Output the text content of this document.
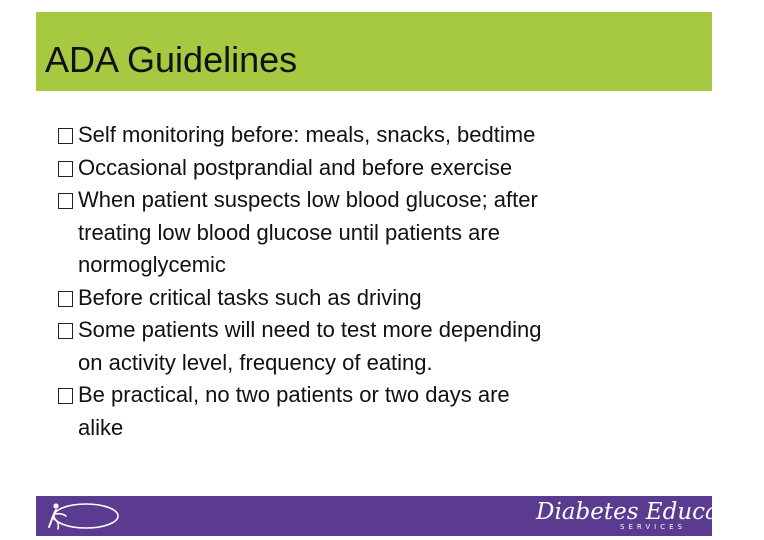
ADA Guidelines
Self monitoring before: meals, snacks, bedtime
Occasional postprandial and before exercise
When patient suspects low blood glucose; after
treating low blood glucose until patients are
normoglycemic
Before critical tasks such as driving
Some patients will need to test more depending
on activity level, frequency of eating.
Be practical, no two patients or two days are
alike
Diabetes Education
SERVICES
